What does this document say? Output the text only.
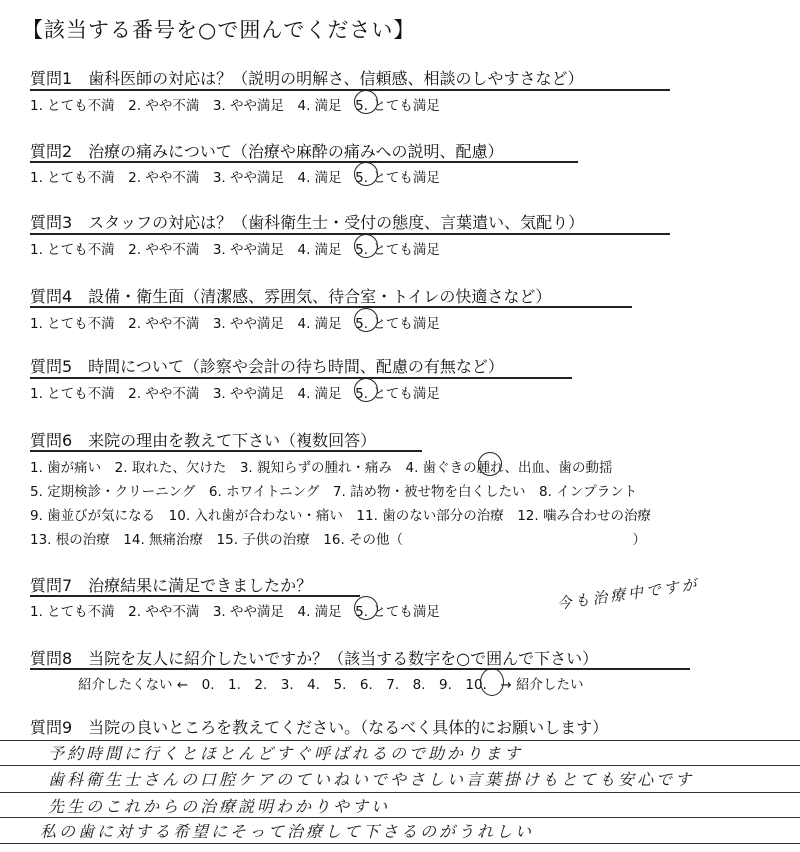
【該当する番号を○で囲んでください】
質問1　歯科医師の対応は？（説明の明解さ、信頼感、相談のしやすさなど）
1. とても不満　2. やや不満　3. やや満足　4. 満足　5. とても満足
質問2　治療の痛みについて（治療や麻酔の痛みへの説明、配慮）
1. とても不満　2. やや不満　3. やや満足　4. 満足　5. とても満足
質問3　スタッフの対応は？（歯科衛生士・受付の態度、言葉遣い、気配り）
1. とても不満　2. やや不満　3. やや満足　4. 満足　5. とても満足
質問4　設備・衛生面（清潔感、雰囲気、待合室・トイレの快適さなど）
1. とても不満　2. やや不満　3. やや満足　4. 満足　5. とても満足
質問5　時間について（診察や会計の待ち時間、配慮の有無など）
1. とても不満　2. やや不満　3. やや満足　4. 満足　5. とても満足
質問6　来院の理由を教えて下さい（複数回答）
1. 歯が痛い　2. 取れた、欠けた　3. 親知らずの腫れ・痛み　4. 歯ぐきの腫れ、出血、歯の動揺
5. 定期検診・クリーニング　6. ホワイトニング　7. 詰め物・被せ物を白くしたい　8. インプラント
9. 歯並びが気になる　10. 入れ歯が合わない・痛い　11. 歯のない部分の治療　12. 噛み合わせの治療
13. 根の治療　14. 無痛治療　15. 子供の治療　16. その他（　　　　　　　　　　　　　　　　　）
質問7　治療結果に満足できましたか？
1. とても不満　2. やや不満　3. やや満足　4. 満足　5. とても満足	今も治療中ですが
質問8　当院を友人に紹介したいですか？（該当する数字を○で囲んで下さい）
紹介したくない ←　0.　1.　2.　3.　4.　5.　6.　7.　8.　9.　10.　→ 紹介したい
質問9　当院の良いところを教えてください。（なるべく具体的にお願いします）
予約時間に行くとほとんどすぐ呼ばれるので助かります
歯科衛生士さんの口腔ケアのていねいでやさしい言葉掛けもとても安心です
先生のこれからの治療説明わかりやすい
私の歯に対する希望にそって治療して下さるのがうれしい
